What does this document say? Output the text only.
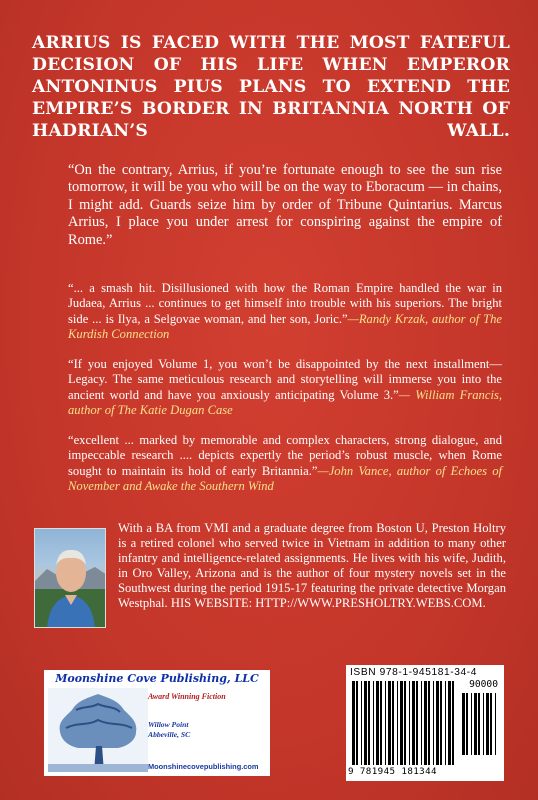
ARRIUS IS FACED WITH THE MOST FATEFUL DECISION OF HIS LIFE WHEN EMPEROR ANTONINUS PIUS PLANS TO EXTEND THE EMPIRE’S BORDER IN BRITANNIA NORTH OF HADRIAN’S WALL.
“On the contrary, Arrius, if you’re fortunate enough to see the sun rise tomorrow, it will be you who will be on the way to Eboracum — in chains, I might add. Guards seize him by order of Tribune Quintarius. Marcus Arrius, I place you under arrest for conspiring against the empire of Rome.”
“... a smash hit. Disillusioned with how the Roman Empire handled the war in Judaea, Arrius ... continues to get himself into trouble with his superiors. The bright side ... is Ilya, a Selgovae woman, and her son, Joric.”—Randy Krzak, author of The Kurdish Connection
“If you enjoyed Volume 1, you won’t be disappointed by the next installment—Legacy. The same meticulous research and storytelling will immerse you into the ancient world and have you anxiously anticipating Volume 3.”— William Francis, author of The Katie Dugan Case
“excellent ... marked by memorable and complex characters, strong dialogue, and impeccable research .... depicts expertly the period’s robust muscle, when Rome sought to maintain its hold of early Britannia.”—John Vance, author of Echoes of November and Awake the Southern Wind
With a BA from VMI and a graduate degree from Boston U, Preston Holtry is a retired colonel who served twice in Vietnam in addition to many other infantry and intelligence-related assignments. He lives with his wife, Judith, in Oro Valley, Arizona and is the author of four mystery novels set in the Southwest during the period 1915-17 featuring the private detective Morgan Westphal. HIS WEBSITE: HTTP://WWW.PRESHOLTRY.WEBS.COM.
Moonshine Cove Publishing, LLC
Award Winning Fiction
Willow Point
Abbeville, SC
Moonshinecovepublishing.com
ISBN 978-1-945181-34-4
90000
9 781945 181344
